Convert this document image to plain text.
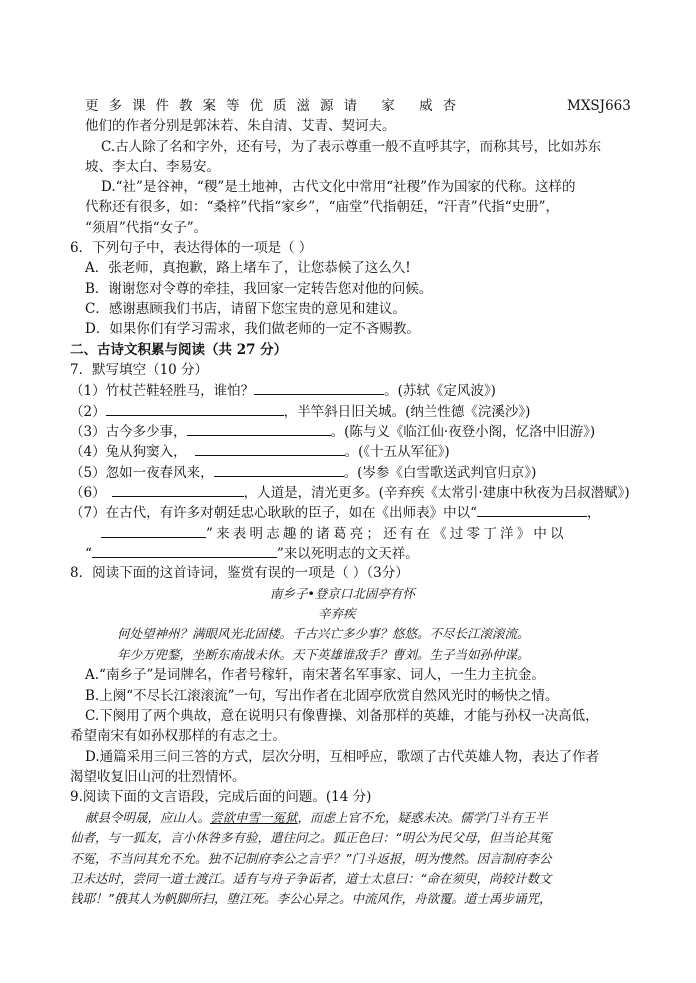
更多课件教案等优质滋源请 家 威杏	MXSJ663
他们的作者分别是郭沫若、朱自清、艾青、契诃夫。
C.古人除了名和字外，还有号，为了表示尊重一般不直呼其字，而称其号，比如苏东
坡、李太白、李易安。
D.“社”是谷神，“稷”是土地神，古代文化中常用“社稷”作为国家的代称。这样的
代称还有很多，如：“桑梓”代指“家乡”，“庙堂”代指朝廷，“汗青”代指“史册”，
“须眉”代指“女子”。
6．下列句子中，表达得体的一项是（ ）
A．张老师，真抱歉，路上堵车了，让您恭候了这么久!
B．谢谢您对令尊的牵挂，我回家一定转告您对他的问候。
C．感谢惠顾我们书店，请留下您宝贵的意见和建议。
D．如果你们有学习需求，我们做老师的一定不吝赐教。
二、古诗文积累与阅读（共 27 分）
7．默写填空（10 分）
（1）竹杖芒鞋轻胜马，谁怕？	。(苏轼《定风波》)
（2）	，半竿斜日旧关城。(纳兰性德《浣溪沙》)
（3）古今多少事，	。(陈与义《临江仙·夜登小阁，忆洛中旧游》)
（4）兔从狗窦入，	。(《十五从军征》)
（5）忽如一夜春风来，	。(岑参《白雪歌送武判官归京》)
（6）	，人道是，清光更多。(辛弃疾《太常引·建康中秋夜为吕叔潜赋》)
（7）在古代，有许多对朝廷忠心耿耿的臣子，如在《出师表》中以“	，
”来表明志趣的诸葛亮；还有在《过零丁洋》中以
“	”来以死明志的文天祥。
8．阅读下面的这首诗词，鉴赏有误的一项是（ ）（3分）
南乡子•登京口北固亭有怀
辛弃疾
何处望神州？满眼风光北固楼。千古兴亡多少事？悠悠。不尽长江滚滚流。
年少万兜鍪，坐断东南战未休。天下英雄谁敌手？曹刘。生子当如孙仲谋。
A.“南乡子”是词牌名，作者号稼轩，南宋著名军事家、词人，一生力主抗金。
B.上阕“不尽长江滚滚流”一句，写出作者在北固亭欣赏自然风光时的畅快之情。
C.下阕用了两个典故，意在说明只有像曹操、刘备那样的英雄，才能与孙权一决高低，
希望南宋有如孙权那样的有志之士。
D.通篇采用三问三答的方式，层次分明，互相呼应，歌颂了古代英雄人物，表达了作者
渴望收复旧山河的壮烈情怀。
9.阅读下面的文言语段，完成后面的问题。(14 分)
献县令明晟，应山人。尝欲申雪一冤狱，而虑上官不允，疑惑未决。儒学门斗有王半
仙者，与一狐友，言小休咎多有验，遣往问之。狐正色曰：“明公为民父母，但当论其冤
不冤，不当问其允不允。独不记制府李公之言乎？”门斗返报，明为愯然。因言制府李公
卫未达时，尝同一道士渡江。适有与舟子争诟者，道士太息曰：“命在须臾，尚较计数文
钱耶！”俄其人为帆脚所扫，堕江死。李公心异之。中流风作，舟欲覆。道士禹步诵咒，
